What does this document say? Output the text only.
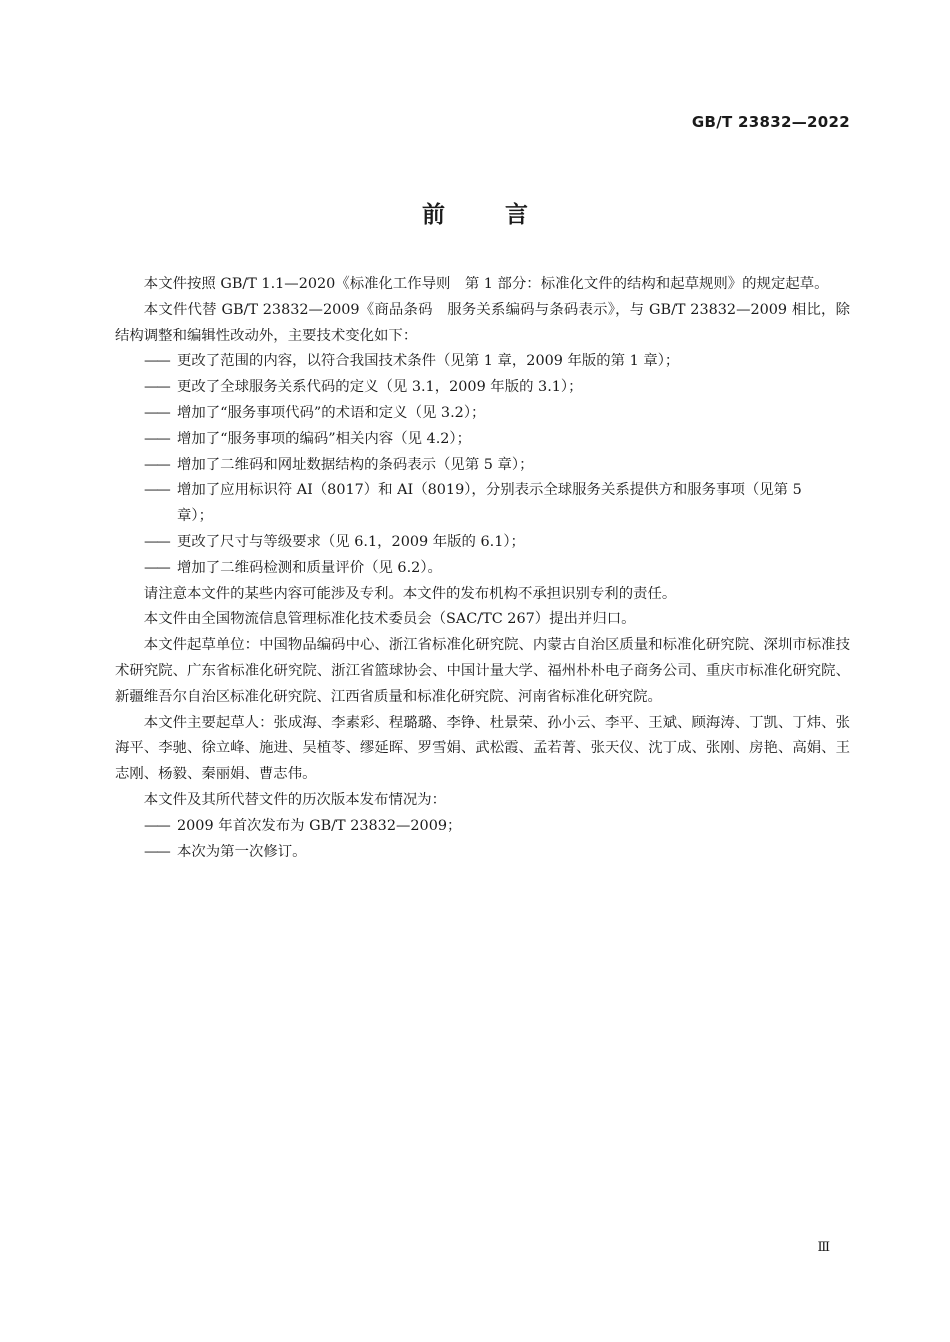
GB/T 23832—2022
前言

本文件按照 GB/T 1.1—2020《标准化工作导则　第 1 部分：标准化文件的结构和起草规则》的规定起草。

本文件代替 GB/T 23832—2009《商品条码　服务关系编码与条码表示》，与 GB/T 23832—2009 相比，除结构调整和编辑性改动外，主要技术变化如下：

—— 更改了范围的内容，以符合我国技术条件（见第 1 章，2009 年版的第 1 章）；

—— 更改了全球服务关系代码的定义（见 3.1，2009 年版的 3.1）；

—— 增加了“服务事项代码”的术语和定义（见 3.2）；

—— 增加了“服务事项的编码”相关内容（见 4.2）；

—— 增加了二维码和网址数据结构的条码表示（见第 5 章）；

—— 增加了应用标识符 AI（8017）和 AI（8019），分别表示全球服务关系提供方和服务事项（见第 5
章）；

—— 更改了尺寸与等级要求（见 6.1，2009 年版的 6.1）；

—— 增加了二维码检测和质量评价（见 6.2）。

请注意本文件的某些内容可能涉及专利。本文件的发布机构不承担识别专利的责任。

本文件由全国物流信息管理标准化技术委员会（SAC/TC 267）提出并归口。

本文件起草单位：中国物品编码中心、浙江省标准化研究院、内蒙古自治区质量和标准化研究院、深圳市标准技术研究院、广东省标准化研究院、浙江省篮球协会、中国计量大学、福州朴朴电子商务公司、重庆市标准化研究院、新疆维吾尔自治区标准化研究院、江西省质量和标准化研究院、河南省标准化研究院。

本文件主要起草人：张成海、李素彩、程璐璐、李铮、杜景荣、孙小云、李平、王斌、顾海涛、丁凯、丁炜、张海平、李驰、徐立峰、施进、吴植苓、缪延晖、罗雪娟、武松霞、孟若菁、张天仪、沈丁成、张刚、房艳、高娟、王志刚、杨毅、秦丽娟、曹志伟。

本文件及其所代替文件的历次版本发布情况为：

—— 2009 年首次发布为 GB/T 23832—2009；

—— 本次为第一次修订。

Ⅲ
